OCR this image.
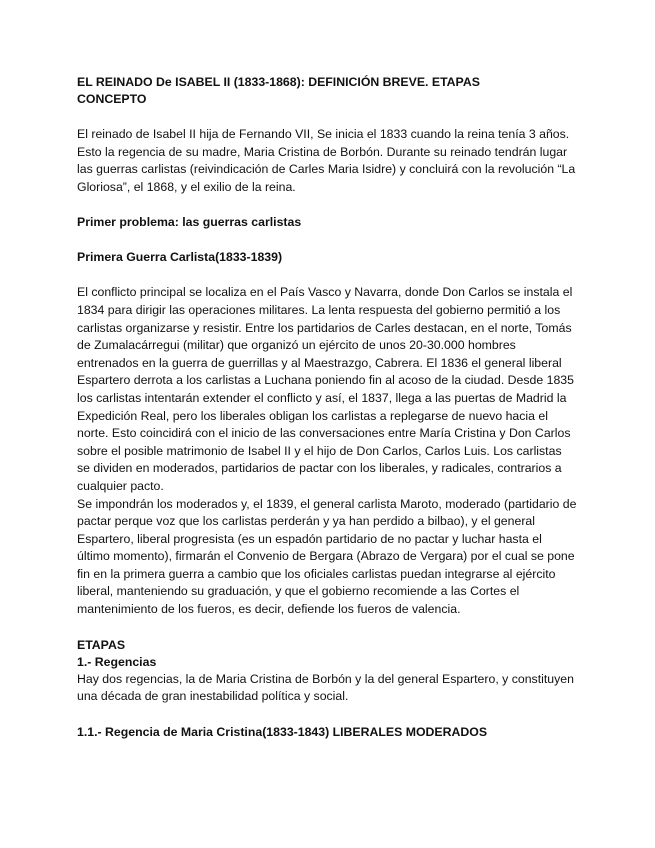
EL REINADO De ISABEL II (1833-1868): DEFINICIÓN BREVE. ETAPAS
CONCEPTO

El reinado de Isabel II hija de Fernando VII, Se inicia el 1833 cuando la reina tenía 3 años. Esto la regencia de su madre, Maria Cristina de Borbón. Durante su reinado tendrán lugar las guerras carlistas (reivindicación de Carles Maria Isidre) y concluirá con la revolución “La Gloriosa”, el 1868, y el exilio de la reina.

Primer problema: las guerras carlistas
Primera Guerra Carlista(1833-1839)

El conflicto principal se localiza en el País Vasco y Navarra, donde Don Carlos se instala el 1834 para dirigir las operaciones militares. La lenta respuesta del gobierno permitió a los carlistas organizarse y resistir. Entre los partidarios de Carles destacan, en el norte, Tomás de Zumalacárregui (militar) que organizó un ejército de unos 20-30.000 hombres entrenados en la guerra de guerrillas y al Maestrazgo, Cabrera. El 1836 el general liberal Espartero derrota a los carlistas a Luchana poniendo fin al acoso de la ciudad. Desde 1835 los carlistas intentarán extender el conflicto y así, el 1837, llega a las puertas de Madrid la Expedición Real, pero los liberales obligan los carlistas a replegarse de nuevo hacia el norte. Esto coincidirá con el inicio de las conversaciones entre María Cristina y Don Carlos sobre el posible matrimonio de Isabel II y el hijo de Don Carlos, Carlos Luis. Los carlistas se dividen en moderados, partidarios de pactar con los liberales, y radicales, contrarios a cualquier pacto.

Se impondrán los moderados y, el 1839, el general carlista Maroto, moderado (partidario de pactar perque voz que los carlistas perderán y ya han perdido a bilbao), y el general Espartero, liberal progresista (es un espadón partidario de no pactar y luchar hasta el último momento), firmarán el Convenio de Bergara (Abrazo de Vergara) por el cual se pone fin en la primera guerra a cambio que los oficiales carlistas puedan integrarse al ejército liberal, manteniendo su graduación, y que el gobierno recomiende a las Cortes el mantenimiento de los fueros, es decir, defiende los fueros de valencia.

ETAPAS
1.- Regencias

Hay dos regencias, la de Maria Cristina de Borbón y la del general Espartero, y constituyen una década de gran inestabilidad política y social.

1.1.- Regencia de Maria Cristina(1833-1843) LIBERALES MODERADOS
